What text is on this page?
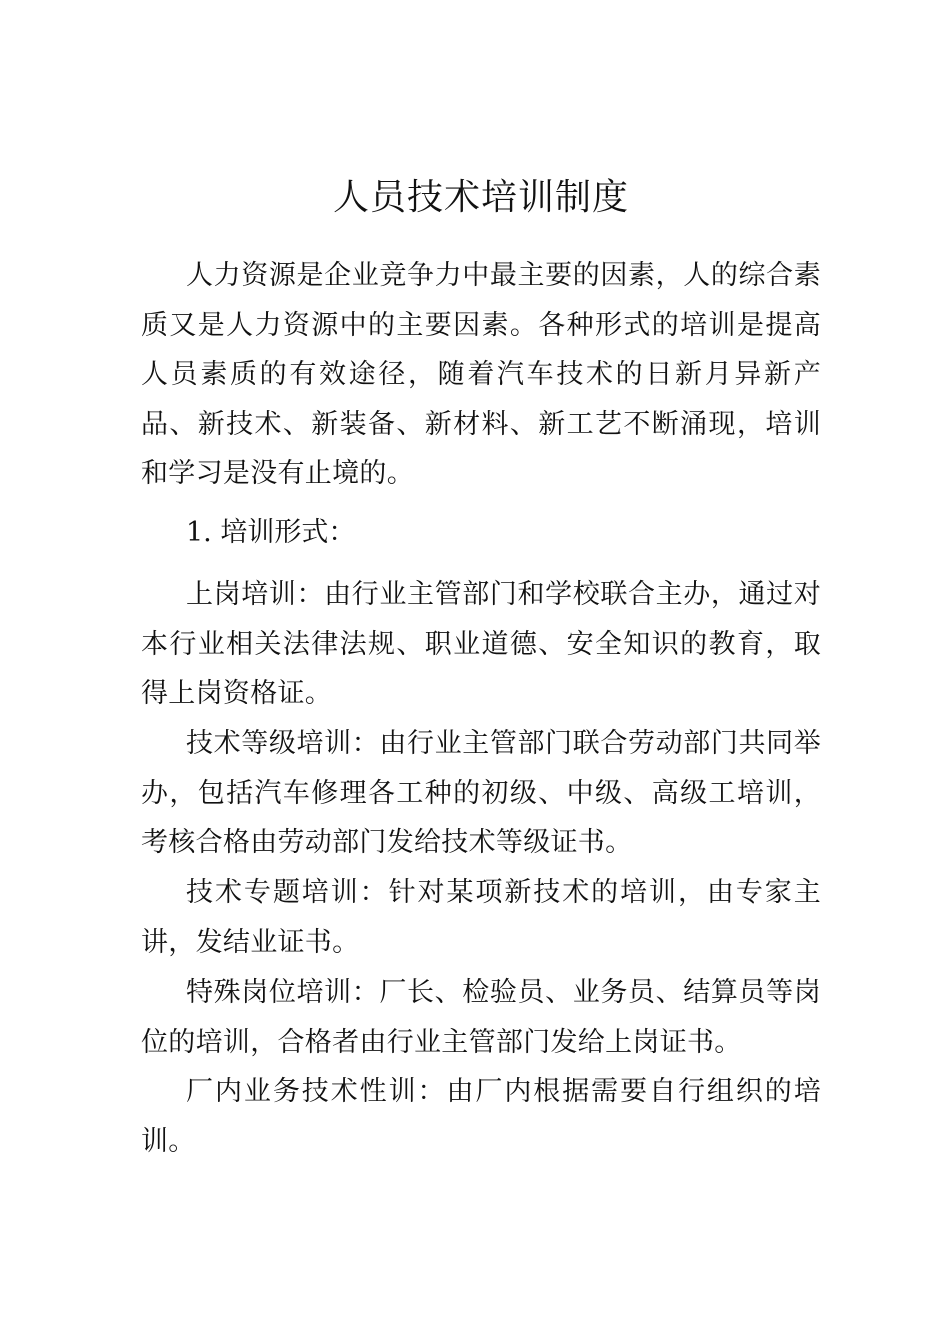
人员技术培训制度

人力资源是企业竞争力中最主要的因素，人的综合素质又是人力资源中的主要因素。各种形式的培训是提高人员素质的有效途径，随着汽车技术的日新月异新产品、新技术、新装备、新材料、新工艺不断涌现，培训和学习是没有止境的。

1. 培训形式：

上岗培训：由行业主管部门和学校联合主办，通过对本行业相关法律法规、职业道德、安全知识的教育，取得上岗资格证。

技术等级培训：由行业主管部门联合劳动部门共同举办，包括汽车修理各工种的初级、中级、高级工培训，考核合格由劳动部门发给技术等级证书。

技术专题培训：针对某项新技术的培训，由专家主讲，发结业证书。

特殊岗位培训：厂长、检验员、业务员、结算员等岗位的培训，合格者由行业主管部门发给上岗证书。

厂内业务技术性训：由厂内根据需要自行组织的培训。
